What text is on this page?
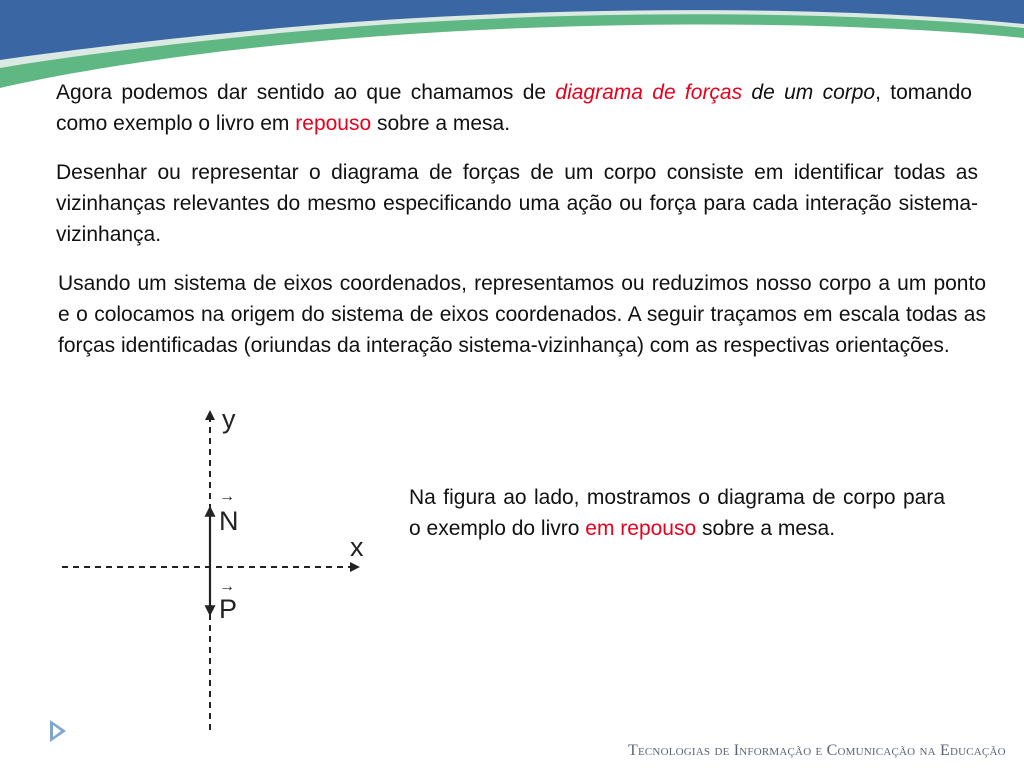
Agora podemos dar sentido ao que chamamos de diagrama de forças de um corpo, tomando como exemplo o livro em repouso sobre a mesa.

Desenhar ou representar o diagrama de forças de um corpo consiste em identificar todas as vizinhanças relevantes do mesmo especificando uma ação ou força para cada interação sistema-vizinhança.

Usando um sistema de eixos coordenados, representamos ou reduzimos nosso corpo a um ponto e o colocamos na origem do sistema de eixos coordenados. A seguir traçamos em escala todas as forças identificadas (oriundas da interação sistema-vizinhança) com as respectivas orientações.

y
x
→
N
→
P

Na figura ao lado, mostramos o diagrama de corpo para o exemplo do livro em repouso sobre a mesa.

Tecnologias de Informação e Comunicação na Educação
